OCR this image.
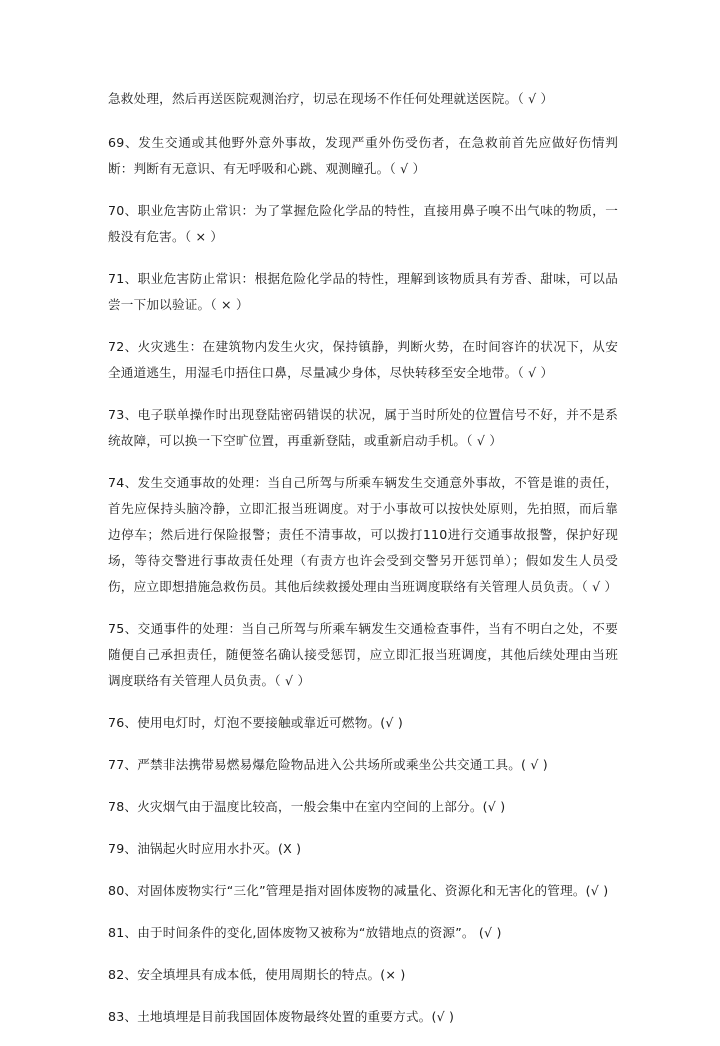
急救处理，然后再送医院观测治疗，切忌在现场不作任何处理就送医院。（ √ ）

69、发生交通或其他野外意外事故，发现严重外伤受伤者，在急救前首先应做好伤情判断：判断有无意识、有无呼吸和心跳、观测瞳孔。（ √ ）

70、职业危害防止常识：为了掌握危险化学品的特性，直接用鼻子嗅不出气味的物质，一般没有危害。（ × ）

71、职业危害防止常识：根据危险化学品的特性，理解到该物质具有芳香、甜味，可以品尝一下加以验证。（ × ）

72、火灾逃生：在建筑物内发生火灾，保持镇静，判断火势，在时间容许的状况下，从安全通道逃生，用湿毛巾捂住口鼻，尽量减少身体，尽快转移至安全地带。（ √ ）

73、电子联单操作时出现登陆密码错误的状况，属于当时所处的位置信号不好，并不是系统故障，可以换一下空旷位置，再重新登陆，或重新启动手机。（ √ ）

74、发生交通事故的处理：当自己所驾与所乘车辆发生交通意外事故，不管是谁的责任，首先应保持头脑冷静，立即汇报当班调度。对于小事故可以按快处原则，先拍照，而后靠边停车；然后进行保险报警；责任不清事故，可以拨打110进行交通事故报警，保护好现场，等待交警进行事故责任处理（有责方也许会受到交警另开惩罚单）；假如发生人员受伤，应立即想措施急救伤员。其他后续救援处理由当班调度联络有关管理人员负责。（ √ ）

75、交通事件的处理：当自己所驾与所乘车辆发生交通检查事件，当有不明白之处，不要随便自己承担责任，随便签名确认接受惩罚，应立即汇报当班调度，其他后续处理由当班调度联络有关管理人员负责。（ √ ）

76、使用电灯时，灯泡不要接触或靠近可燃物。(√ )

77、严禁非法携带易燃易爆危险物品进入公共场所或乘坐公共交通工具。( √ )

78、火灾烟气由于温度比较高，一般会集中在室内空间的上部分。(√ )

79、油锅起火时应用水扑灭。(X )

80、对固体废物实行“三化”管理是指对固体废物的减量化、资源化和无害化的管理。(√ )

81、由于时间条件的变化,固体废物又被称为“放错地点的资源”。 (√ )

82、安全填埋具有成本低，使用周期长的特点。(× )

83、土地填埋是目前我国固体废物最终处置的重要方式。(√ )
